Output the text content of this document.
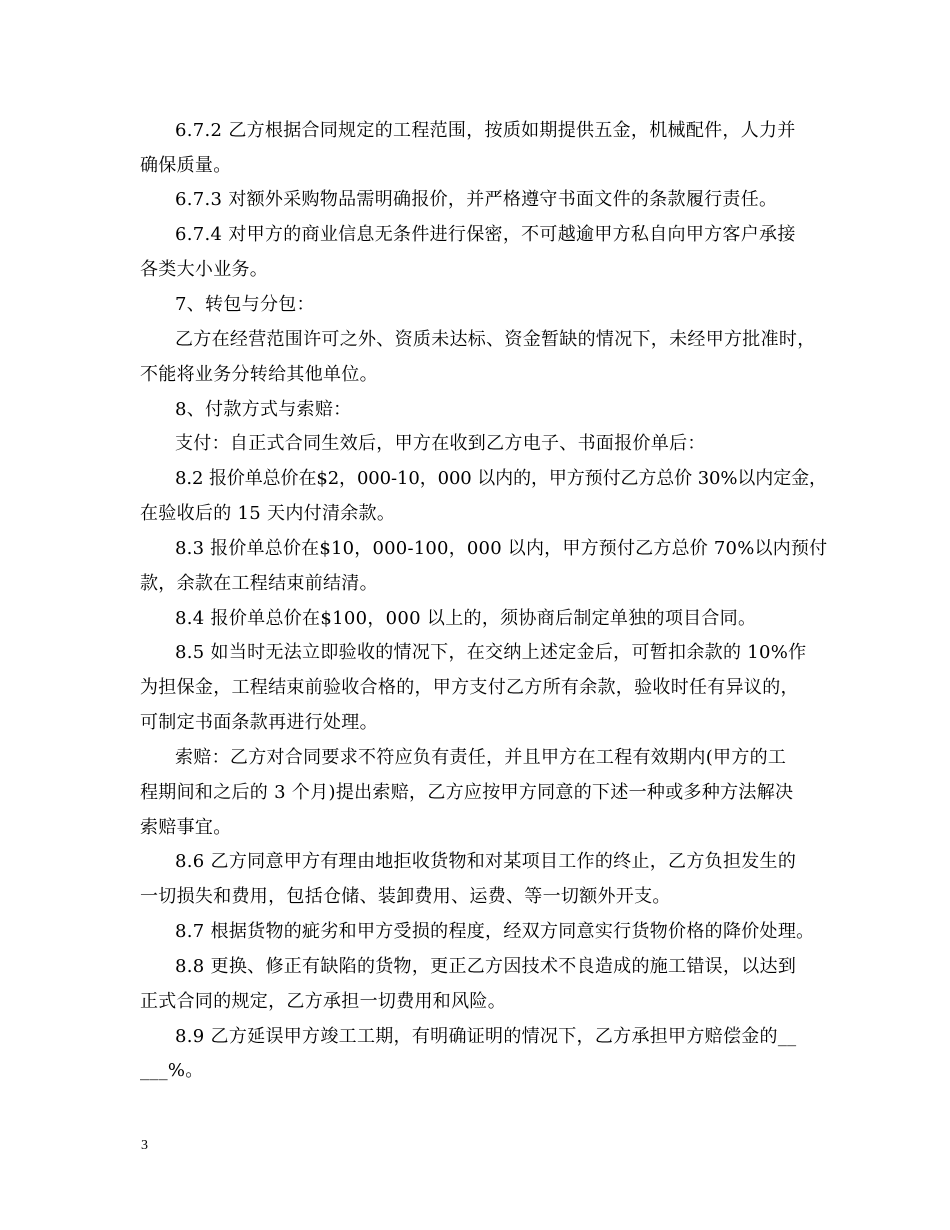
6.7.2 乙方根据合同规定的工程范围，按质如期提供五金，机械配件，人力并
确保质量。
6.7.3 对额外采购物品需明确报价，并严格遵守书面文件的条款履行责任。
6.7.4 对甲方的商业信息无条件进行保密，不可越逾甲方私自向甲方客户承接
各类大小业务。
7、转包与分包：
乙方在经营范围许可之外、资质未达标、资金暂缺的情况下，未经甲方批准时，
不能将业务分转给其他单位。
8、付款方式与索赔：
支付：自正式合同生效后，甲方在收到乙方电子、书面报价单后：
8.2 报价单总价在$2，000-10，000 以内的，甲方预付乙方总价 30%以内定金，
在验收后的 15 天内付清余款。
8.3 报价单总价在$10，000-100，000 以内，甲方预付乙方总价 70%以内预付
款，余款在工程结束前结清。
8.4 报价单总价在$100，000 以上的，须协商后制定单独的项目合同。
8.5 如当时无法立即验收的情况下，在交纳上述定金后，可暂扣余款的 10%作
为担保金，工程结束前验收合格的，甲方支付乙方所有余款，验收时任有异议的，
可制定书面条款再进行处理。
索赔：乙方对合同要求不符应负有责任，并且甲方在工程有效期内(甲方的工
程期间和之后的 3 个月)提出索赔，乙方应按甲方同意的下述一种或多种方法解决
索赔事宜。
8.6 乙方同意甲方有理由地拒收货物和对某项目工作的终止，乙方负担发生的
一切损失和费用，包括仓储、装卸费用、运费、等一切额外开支。
8.7 根据货物的疵劣和甲方受损的程度，经双方同意实行货物价格的降价处理。
8.8 更换、修正有缺陷的货物，更正乙方因技术不良造成的施工错误，以达到
正式合同的规定，乙方承担一切费用和风险。
8.9 乙方延误甲方竣工工期，有明确证明的情况下，乙方承担甲方赔偿金的__
___%。
3
